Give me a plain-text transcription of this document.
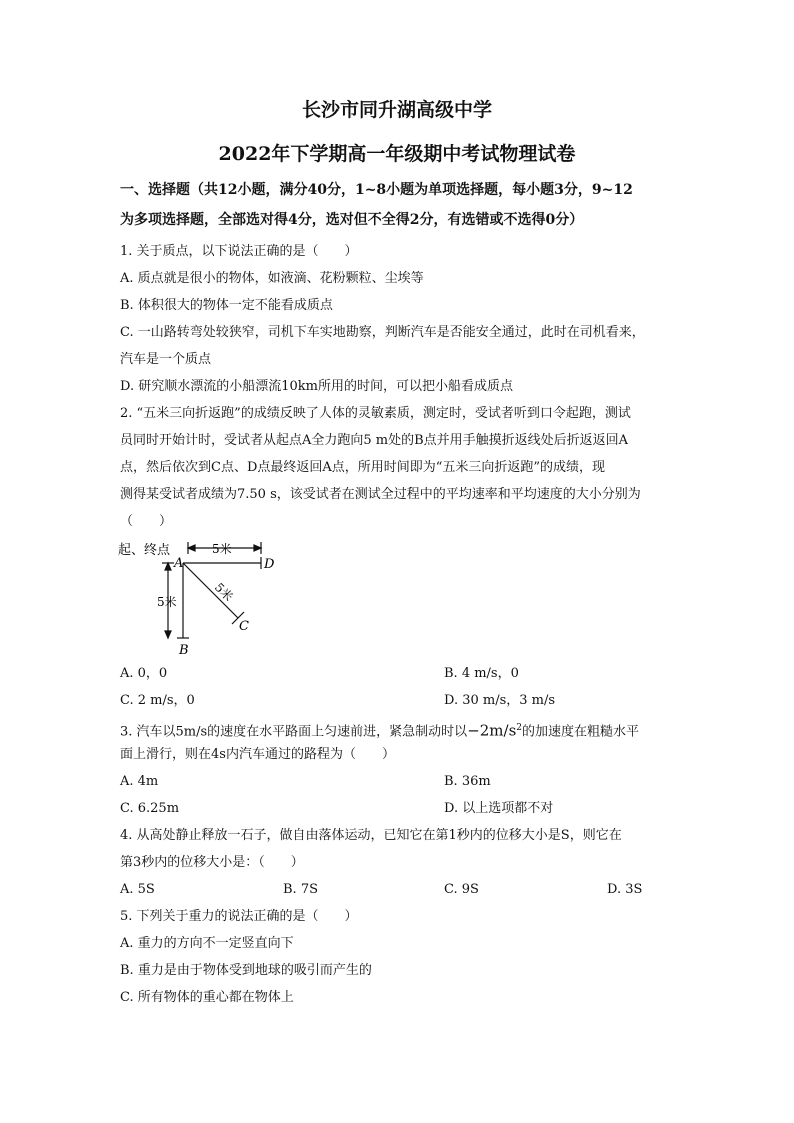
长沙市同升湖高级中学
2022年下学期高一年级期中考试物理试卷
一、选择题（共12小题，满分40分，1~8小题为单项选择题，每小题3分，9~12
为多项选择题，全部选对得4分，选对但不全得2分，有选错或不选得0分）
1. 关于质点，以下说法正确的是（　　）
A. 质点就是很小的物体，如液滴、花粉颗粒、尘埃等
B. 体积很大的物体一定不能看成质点
C. 一山路转弯处较狭窄，司机下车实地勘察，判断汽车是否能安全通过，此时在司机看来，
汽车是一个质点
D. 研究顺水漂流的小船漂流10km所用的时间，可以把小船看成质点
2. “五米三向折返跑”的成绩反映了人体的灵敏素质，测定时，受试者听到口令起跑，测试
员同时开始计时，受试者从起点A全力跑向5 m处的B点并用手触摸折返线处后折返返回A
点，然后依次到C点、D点最终返回A点，所用时间即为“五米三向折返跑”的成绩，现
测得某受试者成绩为7.50 s，该受试者在测试全过程中的平均速率和平均速度的大小分别为
（　　）
起、终点	5米
5米	5米
A
B
C
D
A. 0，0	B. 4 m/s，0
C. 2 m/s，0	D. 30 m/s，3 m/s
3. 汽车以5m/s的速度在水平路面上匀速前进，紧急制动时以$-2m/s^2$的加速度在粗糙水平
面上滑行，则在4s内汽车通过的路程为（　　）
A. 4m	B. 36m
C. 6.25m	D. 以上选项都不对
4. 从高处静止释放一石子，做自由落体运动，已知它在第1秒内的位移大小是S，则它在
第3秒内的位移大小是：（　　）
A. 5S	B. 7S	C. 9S	D. 3S
5. 下列关于重力的说法正确的是（　　）
A. 重力的方向不一定竖直向下
B. 重力是由于物体受到地球的吸引而产生的
C. 所有物体的重心都在物体上
